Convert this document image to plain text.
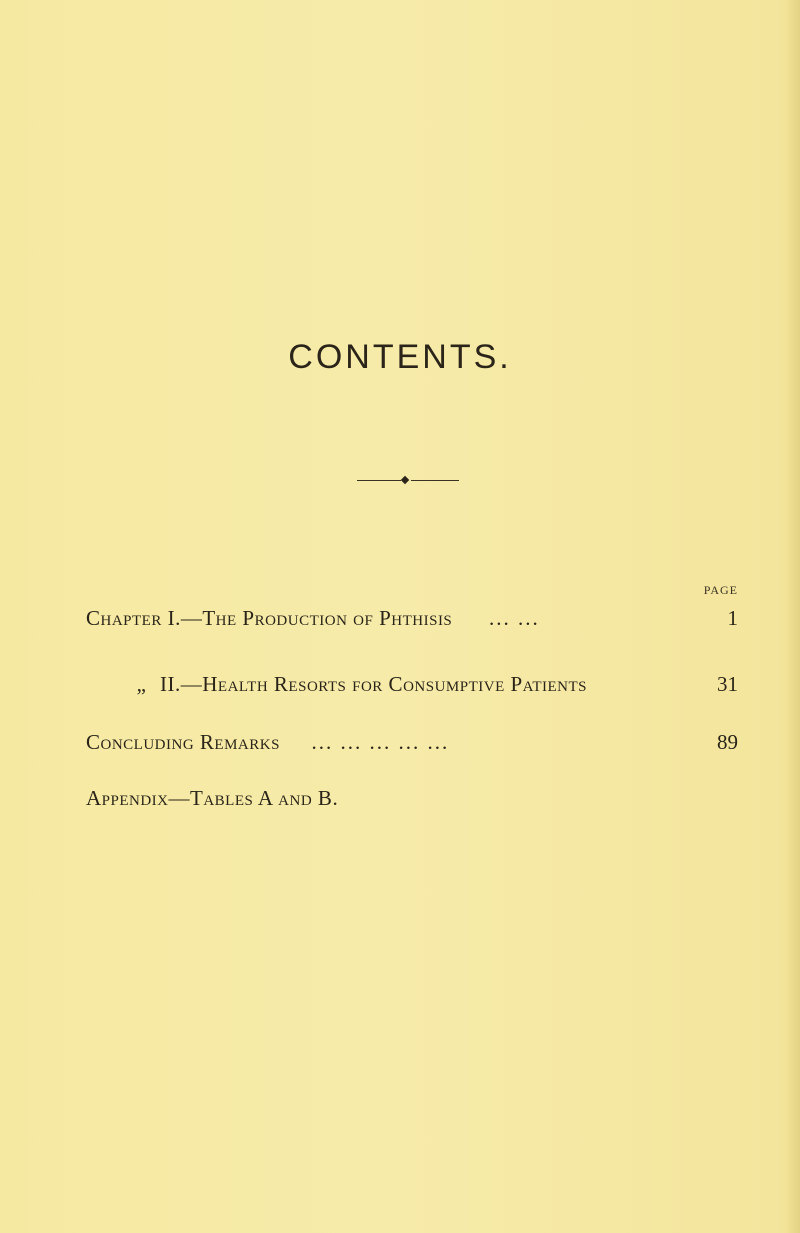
CONTENTS.
PAGE
Chapter I.—The Production of Phthisis ... ...	1
„ II.—Health Resorts for Consumptive Patients	31
Concluding Remarks ... ... ... ... ...	89
Appendix—Tables A and B.
